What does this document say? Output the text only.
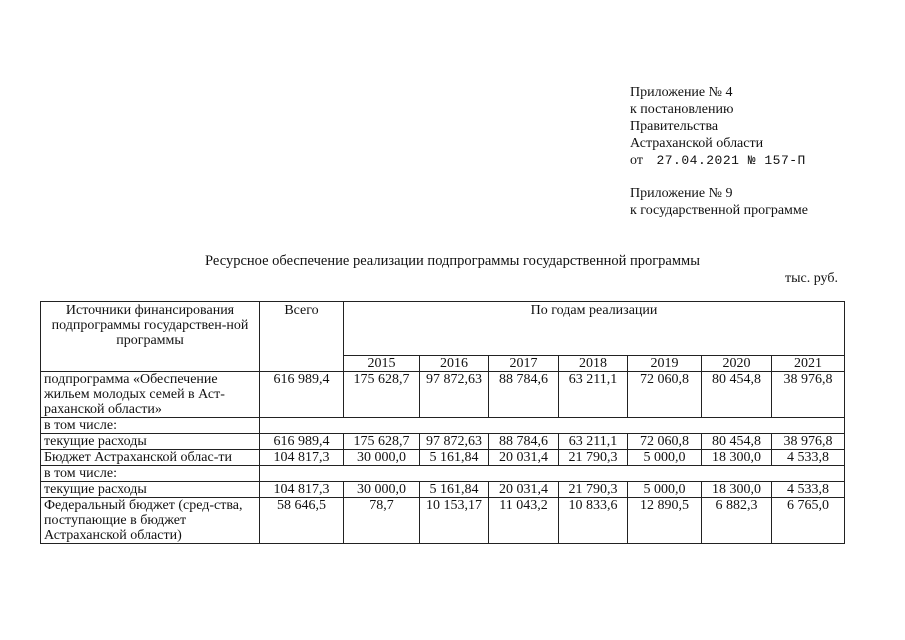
Приложение № 4
к постановлению
Правительства
Астраханской области
от 27.04.2021 № 157-П
Приложение № 9
к государственной программе
Ресурсное обеспечение реализации подпрограммы государственной программы
тыс. руб.
Источники финансирования подпрограммы государствен-ной программы	Всего	По годам реализации						
		2015	2016	2017	2018	2019	2020	2021
подпрограмма «Обеспечение жильем молодых семей в Аст-раханской области»	616 989,4	175 628,7	97 872,63	88 784,6	63 211,1	72 060,8	80 454,8	38 976,8
в том числе:								
текущие расходы	616 989,4	175 628,7	97 872,63	88 784,6	63 211,1	72 060,8	80 454,8	38 976,8
Бюджет Астраханской облас-ти	104 817,3	30 000,0	5 161,84	20 031,4	21 790,3	5 000,0	18 300,0	4 533,8
в том числе:								
текущие расходы	104 817,3	30 000,0	5 161,84	20 031,4	21 790,3	5 000,0	18 300,0	4 533,8
Федеральный бюджет (сред-ства, поступающие в бюджет Астраханской области)	58 646,5	78,7	10 153,17	11 043,2	10 833,6	12 890,5	6 882,3	6 765,0
